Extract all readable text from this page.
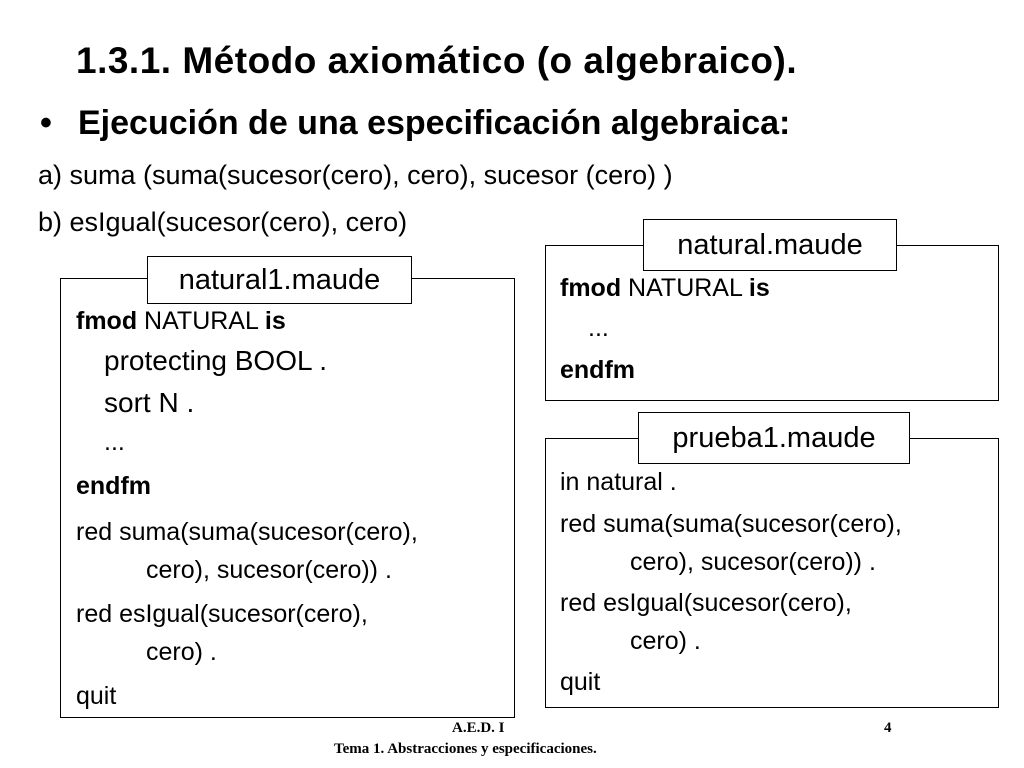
1.3.1. Método axiomático (o algebraico).
• Ejecución de una especificación algebraica:
a) suma (suma(sucesor(cero), cero), sucesor (cero) )
b) esIgual(sucesor(cero), cero)
natural1.maude
fmod NATURAL is
protecting BOOL .
sort N .
...
endfm
red suma(suma(sucesor(cero),
cero), sucesor(cero)) .
red esIgual(sucesor(cero),
cero) .
quit
natural.maude
fmod NATURAL is
...
endfm
prueba1.maude
in natural .
red suma(suma(sucesor(cero),
cero), sucesor(cero)) .
red esIgual(sucesor(cero),
cero) .
quit
A.E.D. I	4
Tema 1. Abstracciones y especificaciones.
